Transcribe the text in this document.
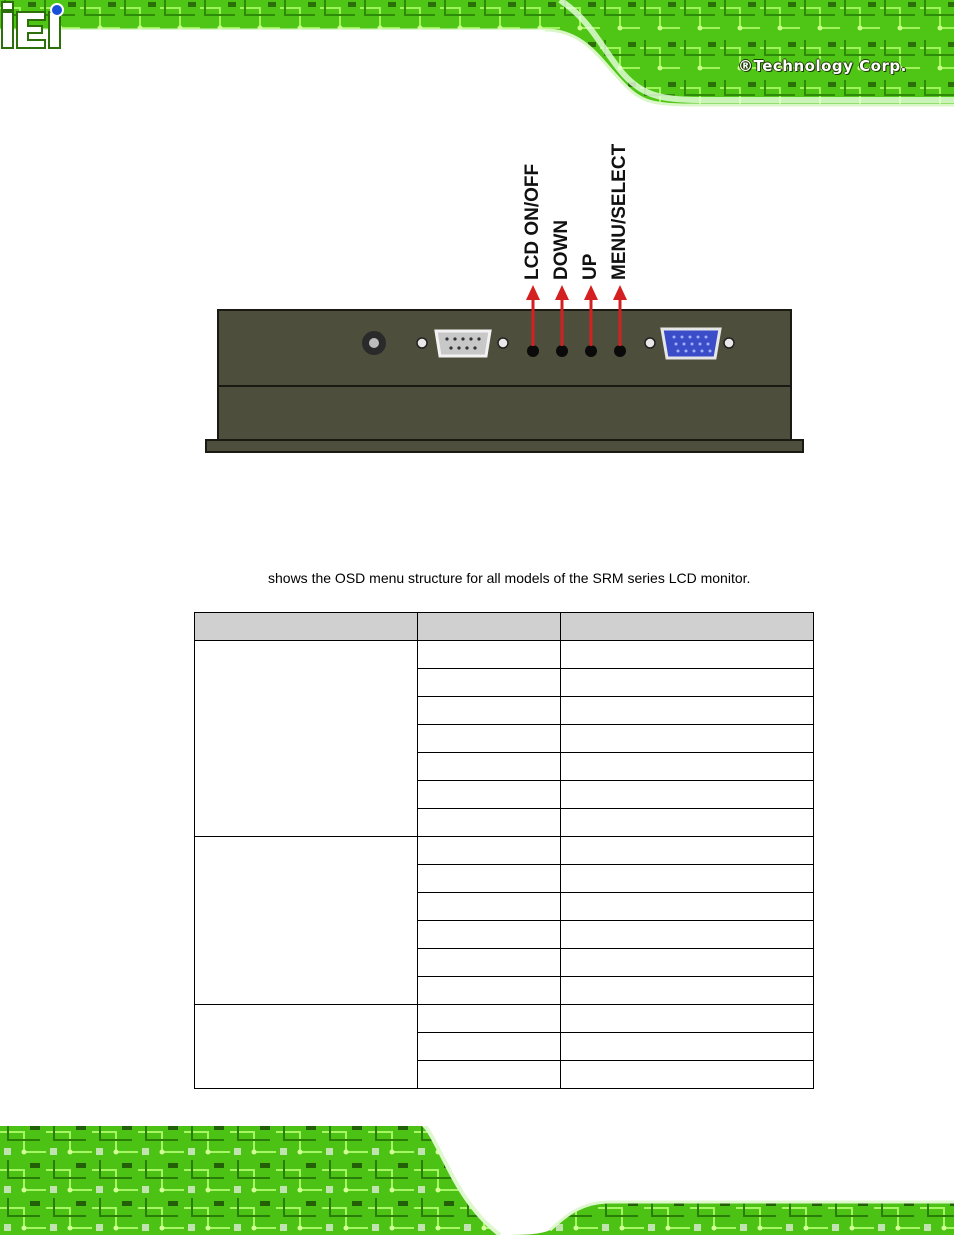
®Technology Corp.
LCD ON/OFF DOWN UP MENU/SELECT
shows the OSD menu structure for all models of the SRM series LCD monitor.
